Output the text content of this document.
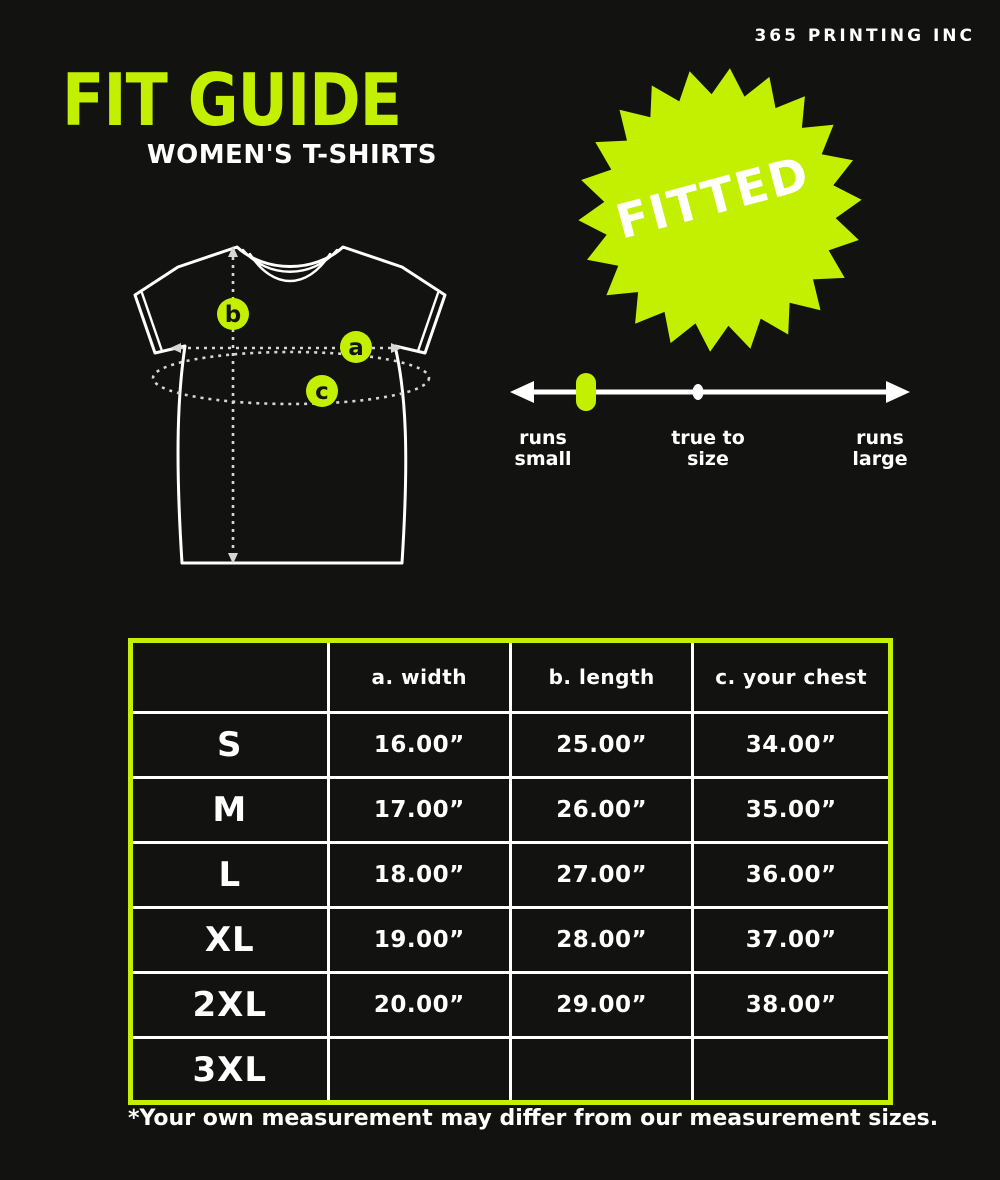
365 PRINTING INC
FIT GUIDE
WOMEN'S T-SHIRTS	FITTED
b
a
c
runs
small
true to
size
runs
large
	a. width	b. length	c. your chest
S	16.00”	25.00”	34.00”
M	17.00”	26.00”	35.00”
L	18.00”	27.00”	36.00”
XL	19.00”	28.00”	37.00”
2XL	20.00”	29.00”	38.00”
3XL			
*Your own measurement may differ from our measurement sizes.
